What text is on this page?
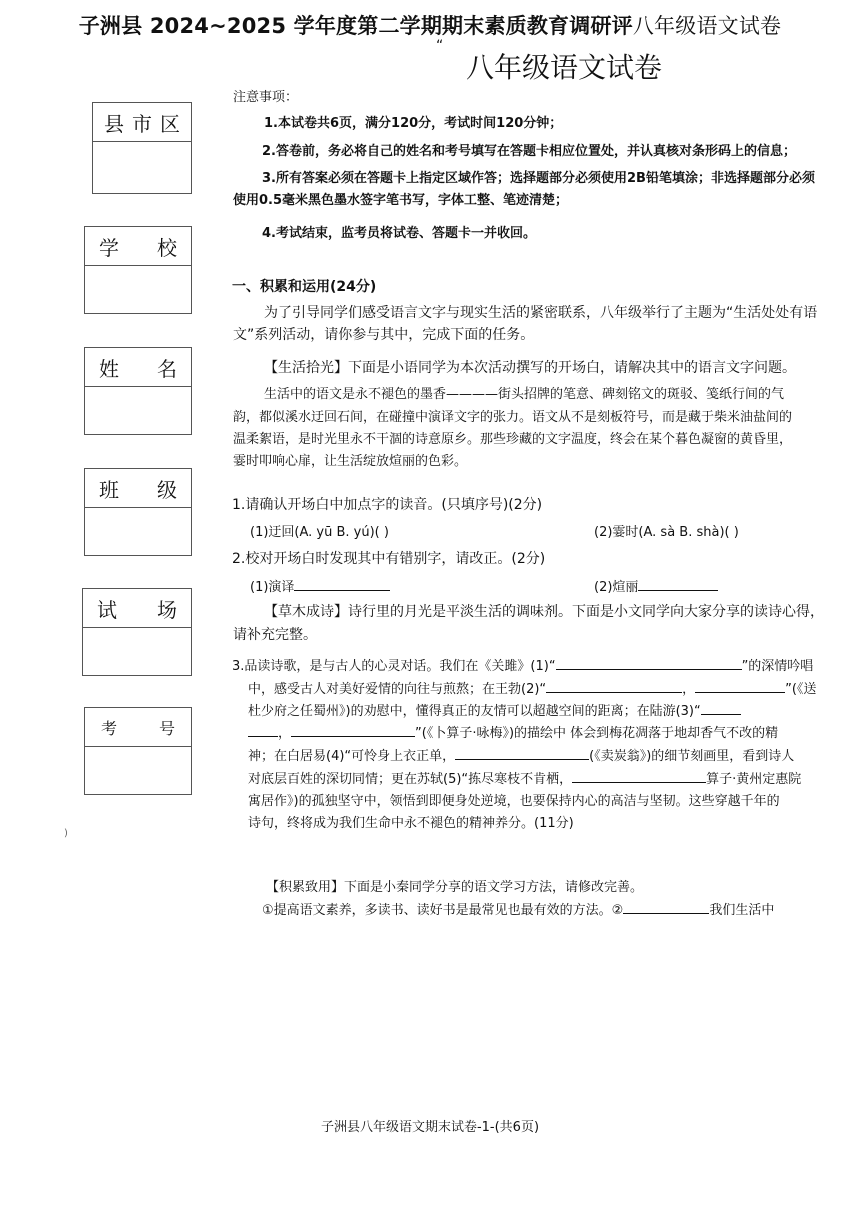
子洲县 2024~2025 学年度第二学期期末素质教育调研评八年级语文试卷
“
八年级语文试卷
县 市 区
学 校
姓 名
班 级
试 场
考	号
)
注意事项：
1.本试卷共6页，满分120分，考试时间120分钟；
2.答卷前，务必将自己的姓名和考号填写在答题卡相应位置处，并认真核对条形码上的信息；
3.所有答案必须在答题卡上指定区域作答；选择题部分必须使用2B铅笔填涂；非选择题部分必须
使用0.5毫米黑色墨水签字笔书写，字体工整、笔迹清楚；
4.考试结束，监考员将试卷、答题卡一并收回。
一、积累和运用(24分)
为了引导同学们感受语言文字与现实生活的紧密联系，八年级举行了主题为“生活处处有语
文”系列活动，请你参与其中，完成下面的任务。
【生活拾光】下面是小语同学为本次活动撰写的开场白，请解决其中的语言文字问题。
生活中的语文是永不褪色的墨香————街头招牌的笔意、碑刻铭文的斑驳、笺纸行间的气
韵，都似溪水迂回石间，在碰撞中演译文字的张力。语文从不是刻板符号，而是藏于柴米油盐间的
温柔絮语，是时光里永不干涸的诗意原乡。那些珍藏的文字温度，终会在某个暮色凝窗的黄昏里，
霎时叩响心扉，让生活绽放煊丽的色彩。
1.请确认开场白中加点字的读音。(只填序号)(2分)
(1)迂回(A. yū B. yú)( )	(2)霎时(A. sà B. shà)( )
2.校对开场白时发现其中有错别字，请改正。(2分)
(1)演译	(2)煊丽
【草木成诗】诗行里的月光是平淡生活的调味剂。下面是小文同学向大家分享的读诗心得，
请补充完整。
3.品读诗歌，是与古人的心灵对话。我们在《关雎》(1)“	”的深情吟唱
中，感受古人对美好爱情的向往与煎熬；在王勃(2)“	，	”(《送
杜少府之任蜀州》)的劝慰中，懂得真正的友情可以超越空间的距离；在陆游(3)“
，	”(《卜算子·咏梅》)的描绘中 体会到梅花凋落于地却香气不改的精
神；在白居易(4)“可怜身上衣正单，	(《卖炭翁》)的细节刻画里，看到诗人
对底层百姓的深切同情；更在苏轼(5)“拣尽寒枝不肯栖，	算子·黄州定惠院
寓居作》)的孤独坚守中，领悟到即便身处逆境，也要保持内心的高洁与坚韧。这些穿越千年的
诗句，终将成为我们生命中永不褪色的精神养分。(11分)
【积累致用】下面是小秦同学分享的语文学习方法，请修改完善。
①提高语文素养，多读书、读好书是最常见也最有效的方法。②	我们生活中
子洲县八年级语文期末试卷-1-(共6页)
